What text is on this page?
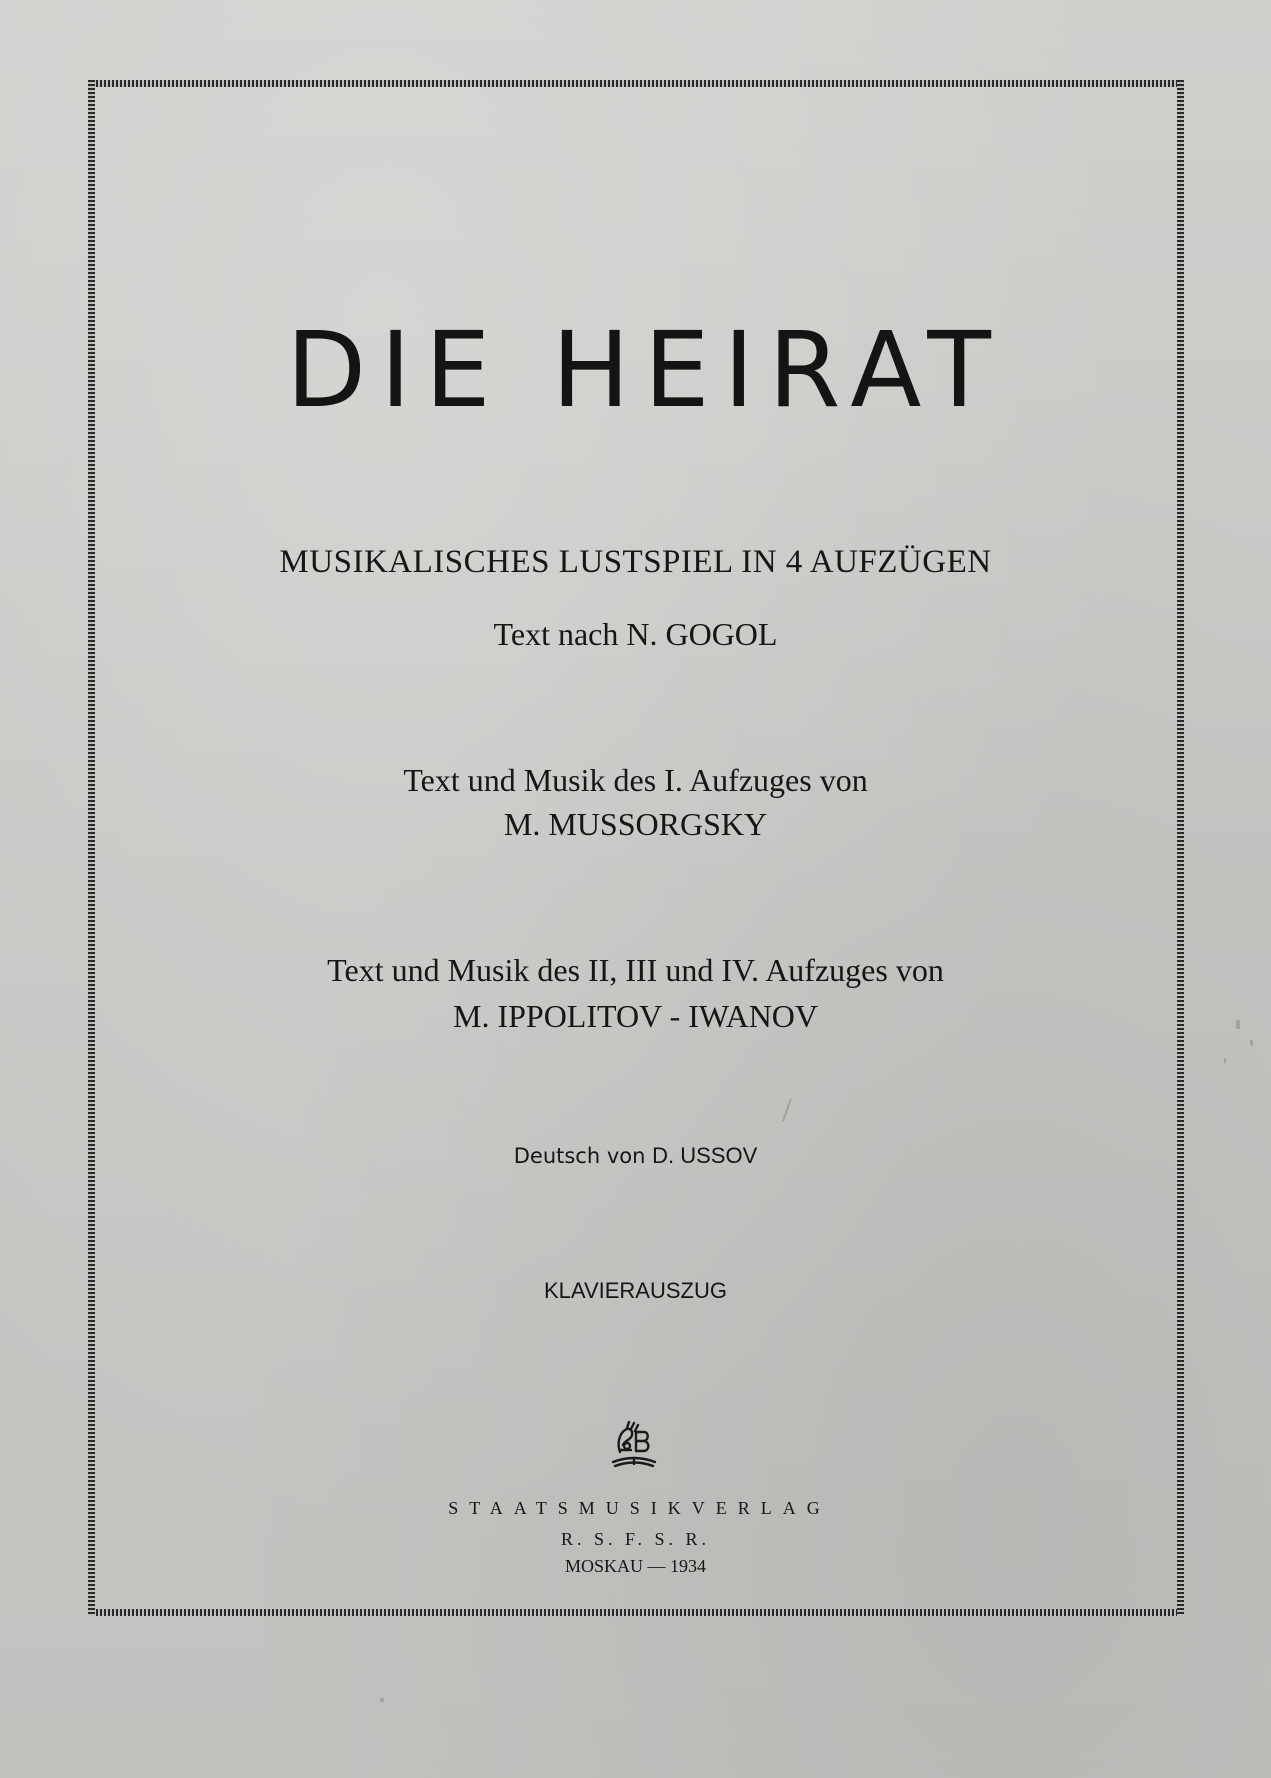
DIE HEIRAT
MUSIKALISCHES LUSTSPIEL IN 4 AUFZÜGEN
Text nach N. GOGOL
Text und Musik des I. Aufzuges von
M. MUSSORGSKY
Text und Musik des II, III und IV. Aufzuges von
M. IPPOLITOV - IWANOV
Deutsch von D. USSOV
KLAVIERAUSZUG
STAATSMUSIKVERLAG
R. S. F. S. R.
MOSKAU — 1934
